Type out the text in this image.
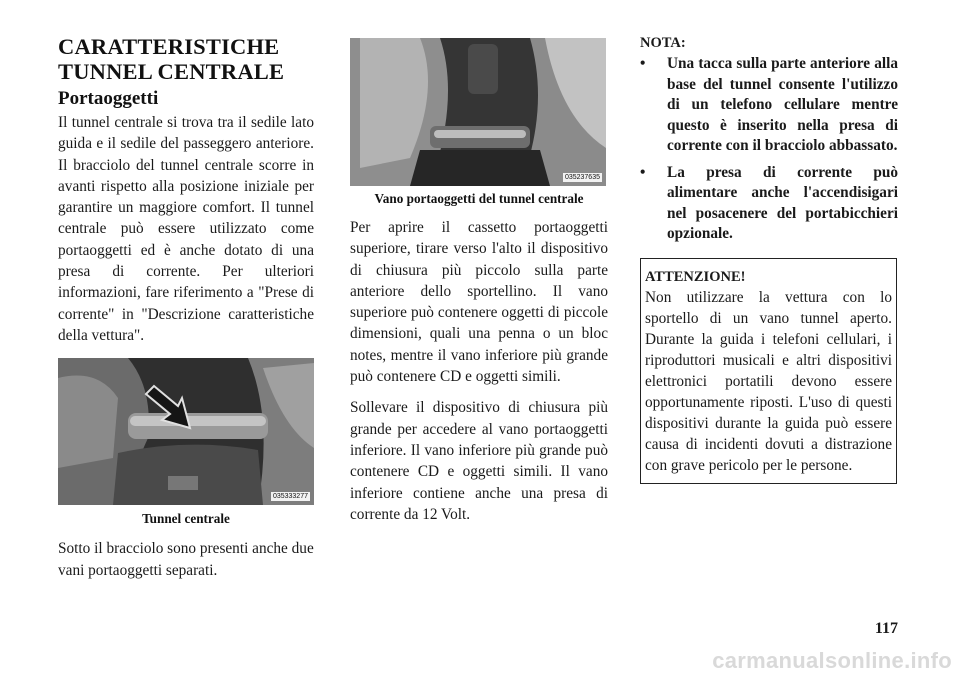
CARATTERISTICHE
TUNNEL CENTRALE
Portaoggetti

Il tunnel centrale si trova tra il sedile lato guida e il sedile del passeggero anteriore. Il bracciolo del tunnel centrale scorre in avanti rispetto alla posizione iniziale per garantire un maggiore comfort. Il tunnel centrale può essere utilizzato come portaoggetti ed è anche dotato di una presa di corrente. Per ulteriori informazioni, fare riferimento a "Prese di corrente" in "Descrizione caratteristiche della vettura".

035333277
Tunnel centrale

Sotto il bracciolo sono presenti anche due vani portaoggetti separati.

035237635
Vano portaoggetti del tunnel centrale

Per aprire il cassetto portaoggetti superiore, tirare verso l'alto il dispositivo di chiusura più piccolo sulla parte anteriore dello sportellino. Il vano superiore può contenere oggetti di piccole dimensioni, quali una penna o un bloc notes, mentre il vano inferiore più grande può contenere CD e oggetti simili.

Sollevare il dispositivo di chiusura più grande per accedere al vano portaoggetti inferiore. Il vano inferiore più grande può contenere CD e oggetti simili. Il vano inferiore contiene anche una presa di corrente da 12 Volt.

NOTA:
• Una tacca sulla parte anteriore alla base del tunnel consente l'utilizzo di un telefono cellulare mentre questo è inserito nella presa di corrente con il bracciolo abbassato.
• La presa di corrente può alimentare anche l'accendisigari nel posacenere del portabicchieri opzionale.
ATTENZIONE!

Non utilizzare la vettura con lo sportello di un vano tunnel aperto. Durante la guida i telefoni cellulari, i riproduttori musicali e altri dispositivi elettronici portatili devono essere opportunamente riposti. L'uso di questi dispositivi durante la guida può essere causa di incidenti dovuti a distrazione con grave pericolo per le persone.

117
carmanualsonline.info
